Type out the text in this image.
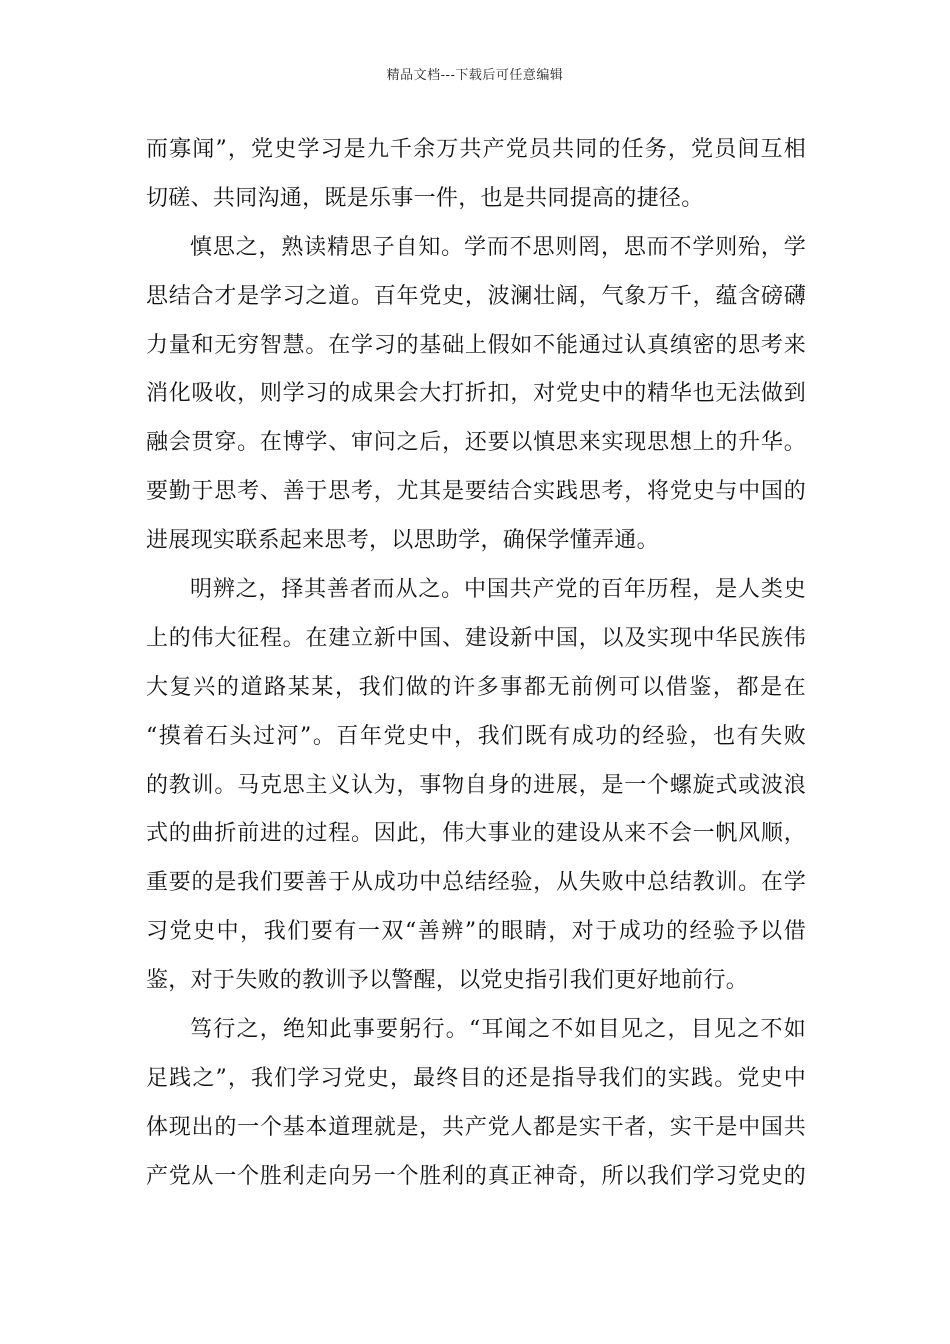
精品文档---下载后可任意编辑
而寡闻”，党史学习是九千余万共产党员共同的任务，党员间互相
切磋、共同沟通，既是乐事一件，也是共同提高的捷径。
慎思之，熟读精思子自知。学而不思则罔，思而不学则殆，学
思结合才是学习之道。百年党史，波澜壮阔，气象万千，蕴含磅礴
力量和无穷智慧。在学习的基础上假如不能通过认真缜密的思考来
消化吸收，则学习的成果会大打折扣，对党史中的精华也无法做到
融会贯穿。在博学、审问之后，还要以慎思来实现思想上的升华。
要勤于思考、善于思考，尤其是要结合实践思考，将党史与中国的
进展现实联系起来思考，以思助学，确保学懂弄通。
明辨之，择其善者而从之。中国共产党的百年历程，是人类史
上的伟大征程。在建立新中国、建设新中国，以及实现中华民族伟
大复兴的道路某某，我们做的许多事都无前例可以借鉴，都是在
“摸着石头过河”。百年党史中，我们既有成功的经验，也有失败
的教训。马克思主义认为，事物自身的进展，是一个螺旋式或波浪
式的曲折前进的过程。因此，伟大事业的建设从来不会一帆风顺，
重要的是我们要善于从成功中总结经验，从失败中总结教训。在学
习党史中，我们要有一双“善辨”的眼睛，对于成功的经验予以借
鉴，对于失败的教训予以警醒，以党史指引我们更好地前行。
笃行之，绝知此事要躬行。“耳闻之不如目见之，目见之不如
足践之”，我们学习党史，最终目的还是指导我们的实践。党史中
体现出的一个基本道理就是，共产党人都是实干者，实干是中国共
产党从一个胜利走向另一个胜利的真正神奇，所以我们学习党史的
